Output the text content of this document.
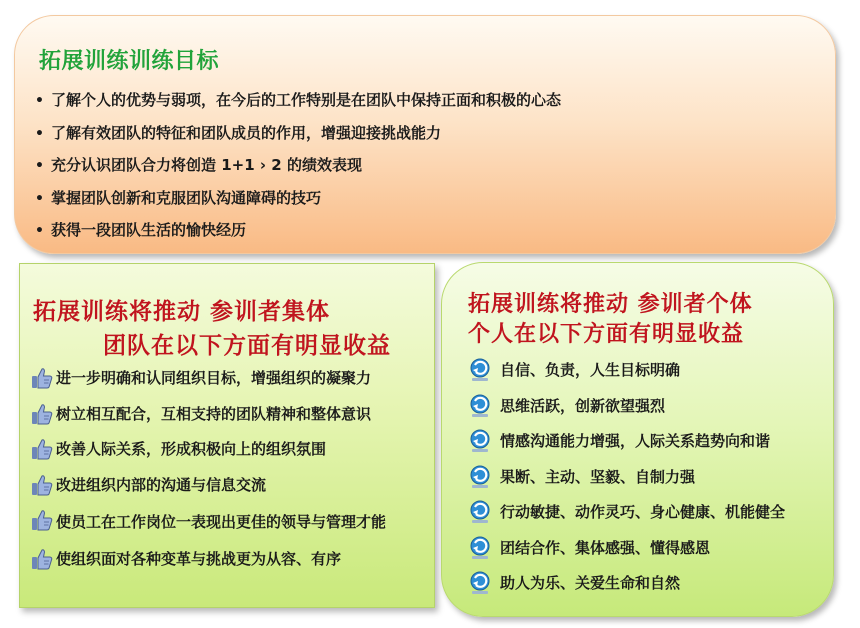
拓展训练训练目标
• 了解个人的优势与弱项，在今后的工作特别是在团队中保持正面和积极的心态
• 了解有效团队的特征和团队成员的作用，增强迎接挑战能力
• 充分认识团队合力将创造 1+1 › 2 的绩效表现
• 掌握团队创新和克服团队沟通障碍的技巧
• 获得一段团队生活的愉快经历
拓展训练将推动 参训者集体
团队在以下方面有明显收益
进一步明确和认同组织目标，增强组织的凝聚力
树立相互配合，互相支持的团队精神和整体意识
改善人际关系，形成积极向上的组织氛围
改进组织内部的沟通与信息交流
使员工在工作岗位一表现出更佳的领导与管理才能
使组织面对各种变革与挑战更为从容、有序
拓展训练将推动 参训者个体
个人在以下方面有明显收益
自信、负责，人生目标明确
思维活跃，创新欲望强烈
情感沟通能力增强，人际关系趋势向和谐
果断、主动、坚毅、自制力强
行动敏捷、动作灵巧、身心健康、机能健全
团结合作、集体感强、懂得感恩
助人为乐、关爱生命和自然
